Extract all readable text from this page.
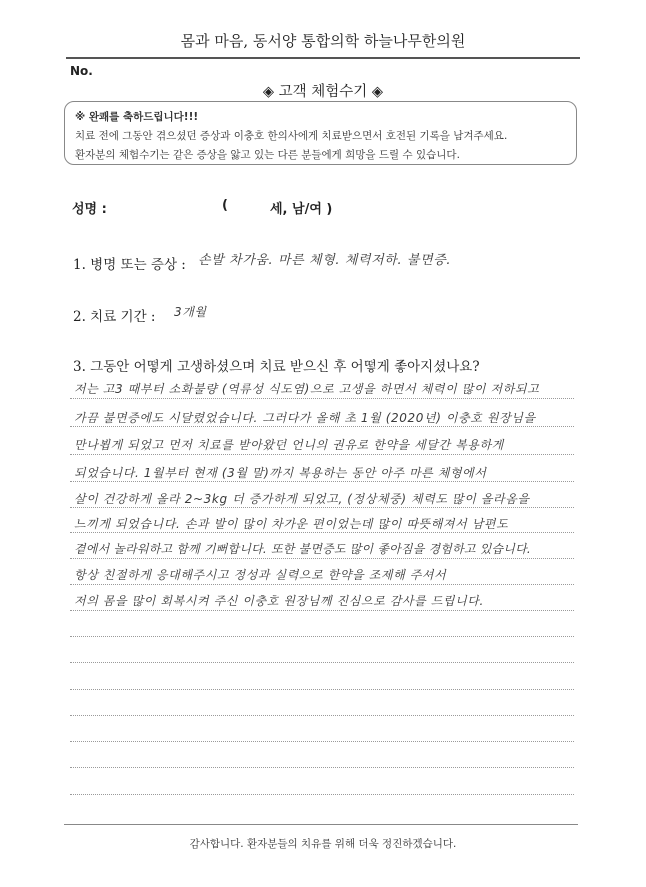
몸과 마음, 동서양 통합의학 하늘나무한의원
No.
◈ 고객 체험수기 ◈
※ 완쾌를 축하드립니다!!!
치료 전에 그동안 겪으셨던 증상과 이충호 한의사에게 치료받으면서 호전된 기록을 남겨주세요.
환자분의 체험수기는 같은 증상을 앓고 있는 다른 분들에게 희망을 드릴 수 있습니다.
성명 :	(	세, 남/여 )
1. 병명 또는 증상 : 손발 차가움. 마른 체형. 체력저하. 불면증.
2. 치료 기간 : 3개월
3. 그동안 어떻게 고생하셨으며 치료 받으신 후 어떻게 좋아지셨나요?
저는 고3 때부터 소화불량 (역류성 식도염)으로 고생을 하면서 체력이 많이 저하되고
가끔 불면증에도 시달렸었습니다. 그러다가 올해 초 1월 (2020년) 이충호 원장님을
만나뵙게 되었고 먼저 치료를 받아왔던 언니의 권유로 한약을 세달간 복용하게
되었습니다. 1월부터 현재 (3월 말)까지 복용하는 동안 아주 마른 체형에서
살이 건강하게 올라 2~3kg 더 증가하게 되었고, (정상체중) 체력도 많이 올라옴을
느끼게 되었습니다. 손과 발이 많이 차가운 편이었는데 많이 따뜻해져서 남편도
곁에서 놀라워하고 함께 기뻐합니다. 또한 불면증도 많이 좋아짐을 경험하고 있습니다.
항상 친절하게 응대해주시고 정성과 실력으로 한약을 조제해 주셔서
저의 몸을 많이 회복시켜 주신 이충호 원장님께 진심으로 감사를 드립니다.
감사합니다. 환자분들의 치유를 위해 더욱 정진하겠습니다.
